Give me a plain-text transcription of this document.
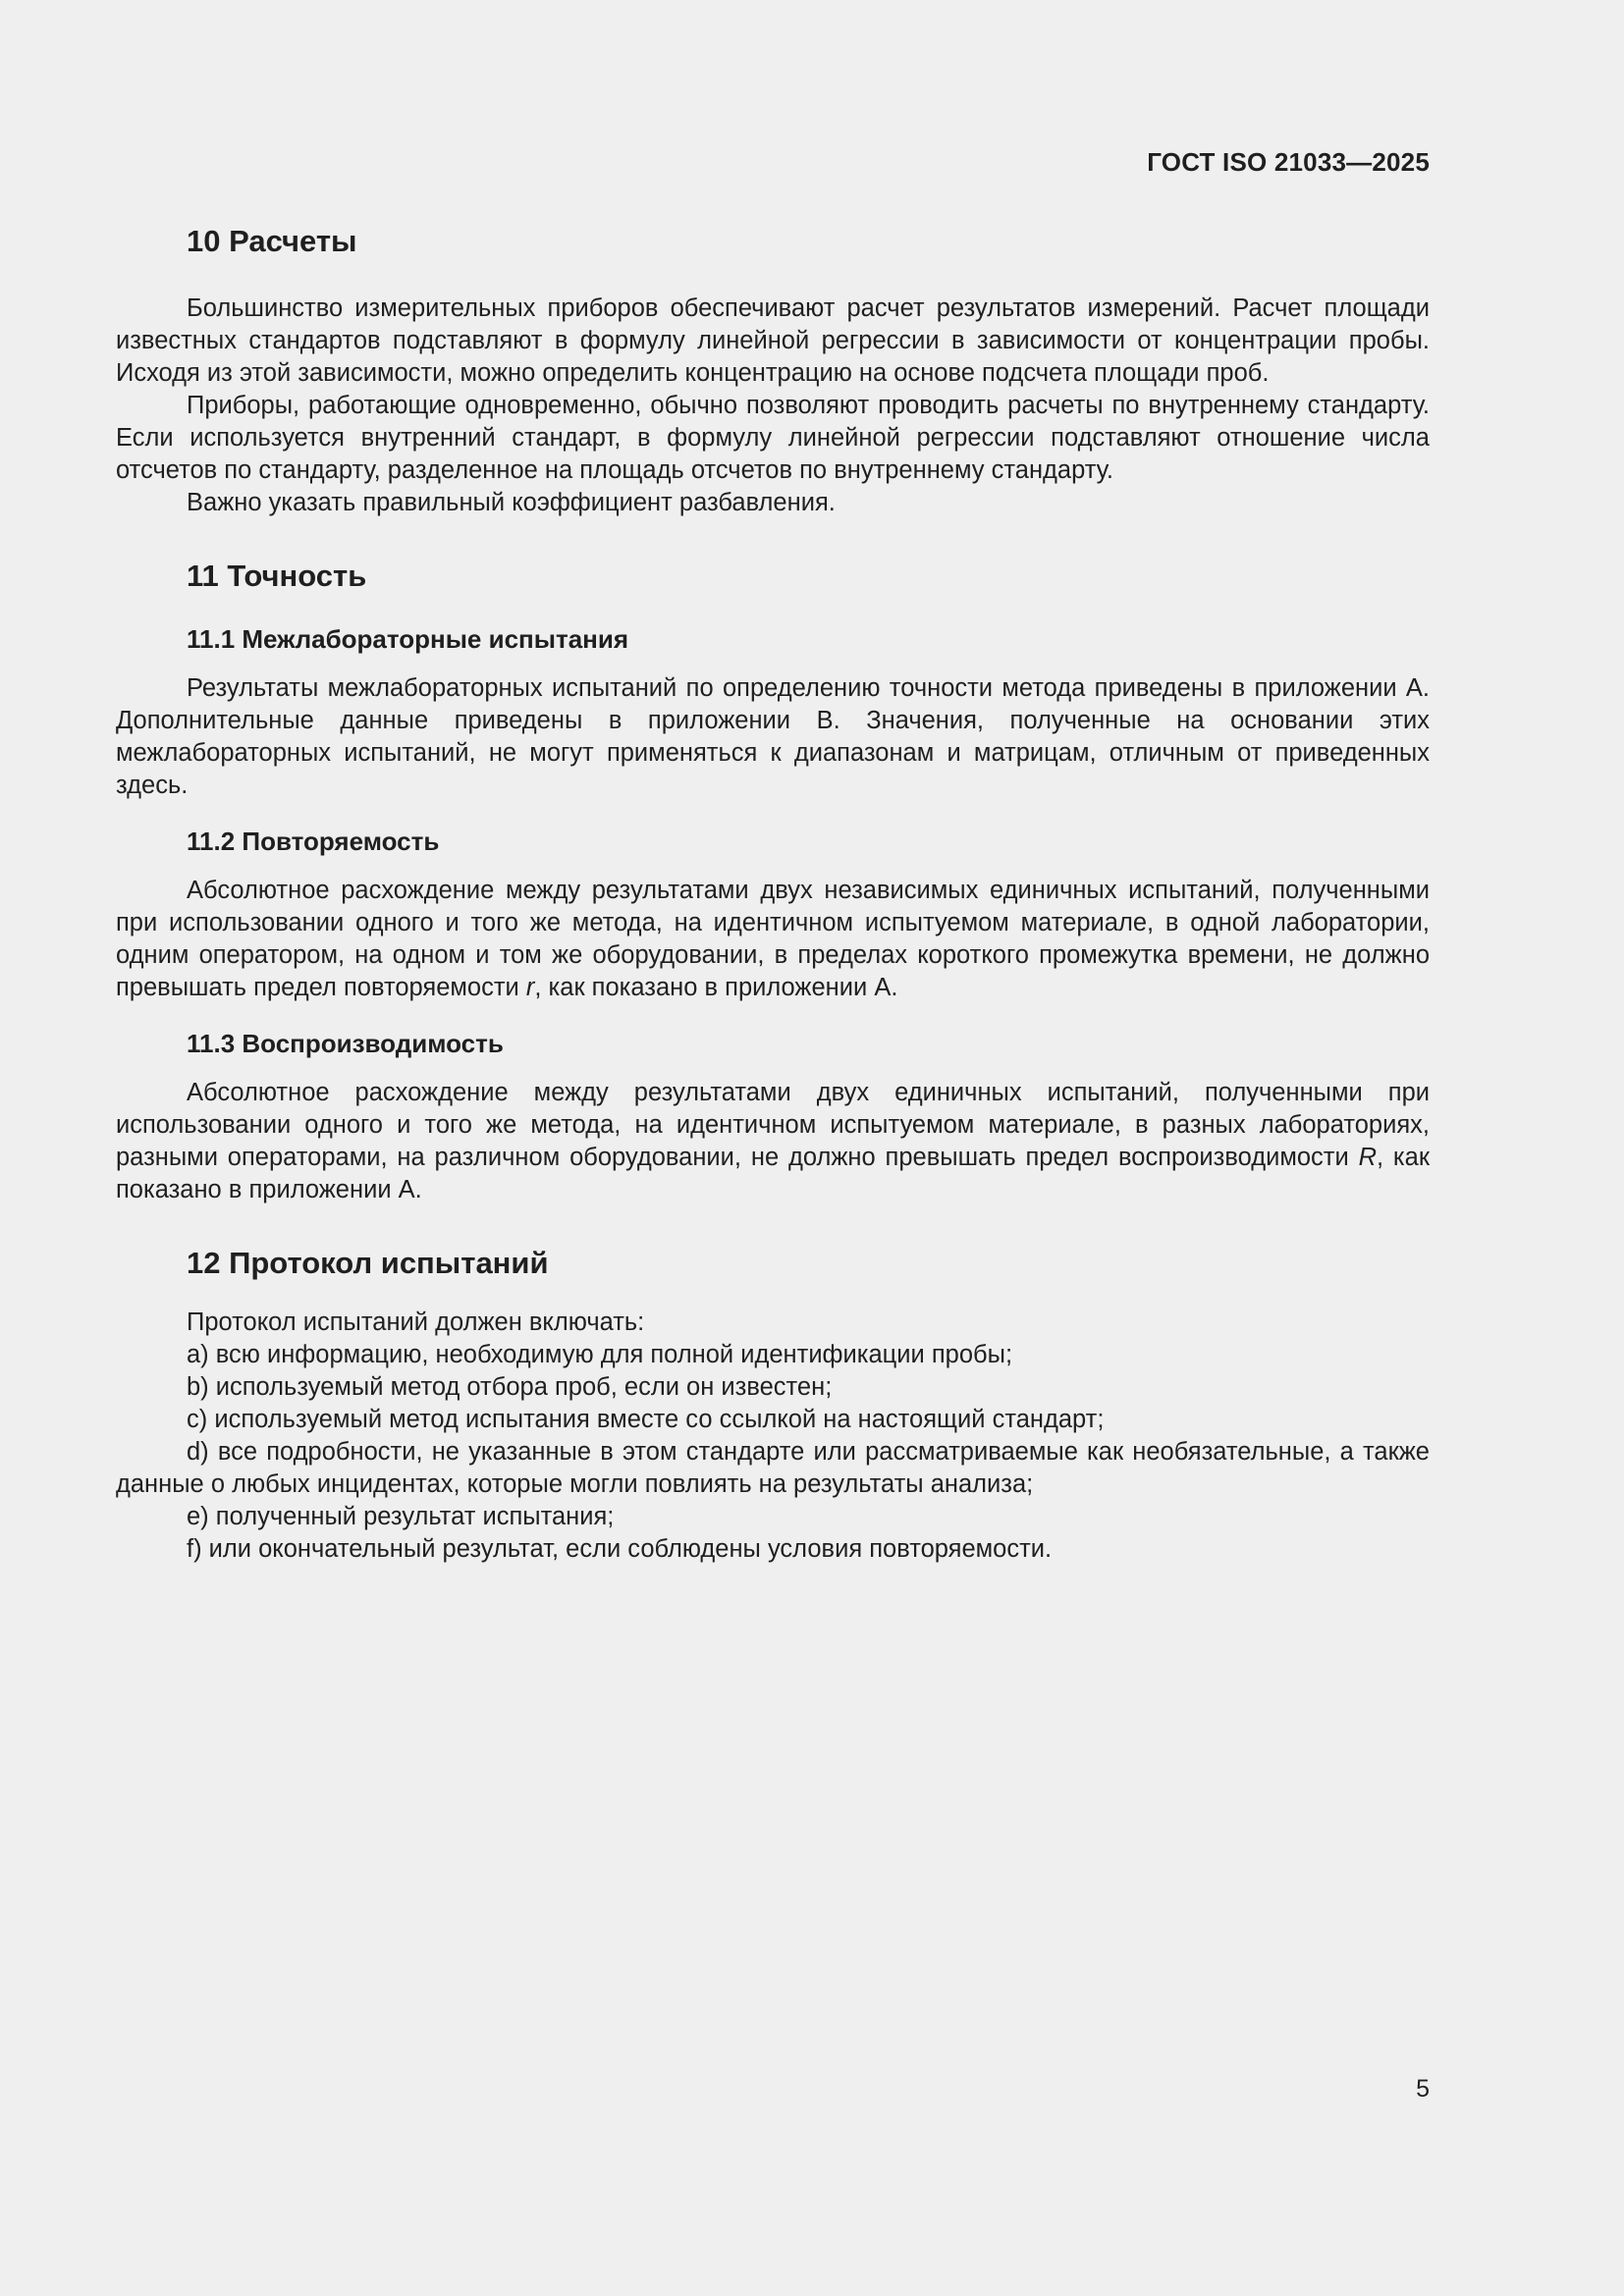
ГОСТ ISO 21033—2025
10 Расчеты

Большинство измерительных приборов обеспечивают расчет результатов измерений. Расчет площади известных стандартов подставляют в формулу линейной регрессии в зависимости от концентрации пробы. Исходя из этой зависимости, можно определить концентрацию на основе подсчета площади проб.

Приборы, работающие одновременно, обычно позволяют проводить расчеты по внутреннему стандарту. Если используется внутренний стандарт, в формулу линейной регрессии подставляют отношение числа отсчетов по стандарту, разделенное на площадь отсчетов по внутреннему стандарту.

Важно указать правильный коэффициент разбавления.

11 Точность
11.1 Межлабораторные испытания

Результаты межлабораторных испытаний по определению точности метода приведены в приложении А. Дополнительные данные приведены в приложении В. Значения, полученные на основании этих межлабораторных испытаний, не могут применяться к диапазонам и матрицам, отличным от приведенных здесь.

11.2 Повторяемость

Абсолютное расхождение между результатами двух независимых единичных испытаний, полученными при использовании одного и того же метода, на идентичном испытуемом материале, в одной лаборатории, одним оператором, на одном и том же оборудовании, в пределах короткого промежутка времени, не должно превышать предел повторяемости r, как показано в приложении А.

11.3 Воспроизводимость

Абсолютное расхождение между результатами двух единичных испытаний, полученными при использовании одного и того же метода, на идентичном испытуемом материале, в разных лабораториях, разными операторами, на различном оборудовании, не должно превышать предел воспроизводимости R, как показано в приложении А.

12 Протокол испытаний

Протокол испытаний должен включать:

a) всю информацию, необходимую для полной идентификации пробы;

b) используемый метод отбора проб, если он известен;

c) используемый метод испытания вместе со ссылкой на настоящий стандарт;

d) все подробности, не указанные в этом стандарте или рассматриваемые как необязательные, а также данные о любых инцидентах, которые могли повлиять на результаты анализа;

e) полученный результат испытания;

f) или окончательный результат, если соблюдены условия повторяемости.

5
